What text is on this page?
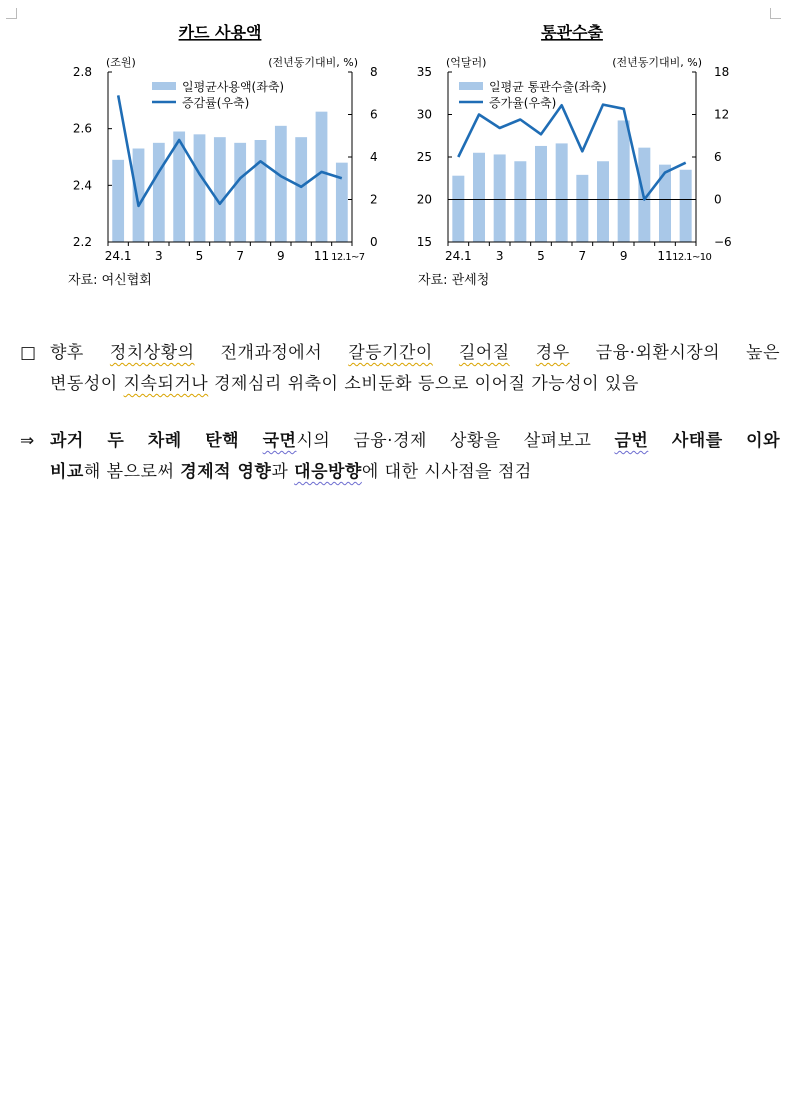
카드 사용액
(조원)	(전년동기대비, %)
2.2
2.4
2.6
2.8
0
2
4
6
8
24.1 3	5	7	9 11 12.1~7
일평균사용액(좌축)
증감률(우축)
자료: 여신협회
통관수출
(억달러)	(전년동기대비, %)
15
20
25
30
35
−6
0
6
12
18
24.1 3	5	7	9 11 12.1~10
일평균 통관수출(좌축)
증가율(우축)
자료: 관세청
□ 향후 정치상황의 전개과정에서 갈등기간이 길어질 경우 금융·외환시장의 높은
변동성이 지속되거나 경제심리 위축이 소비둔화 등으로 이어질 가능성이 있음
⇒ 과거 두 차례 탄핵 국면시의 금융·경제 상황을 살펴보고 금번 사태를 이와
비교해 봄으로써 경제적 영향과 대응방향에 대한 시사점을 점검
